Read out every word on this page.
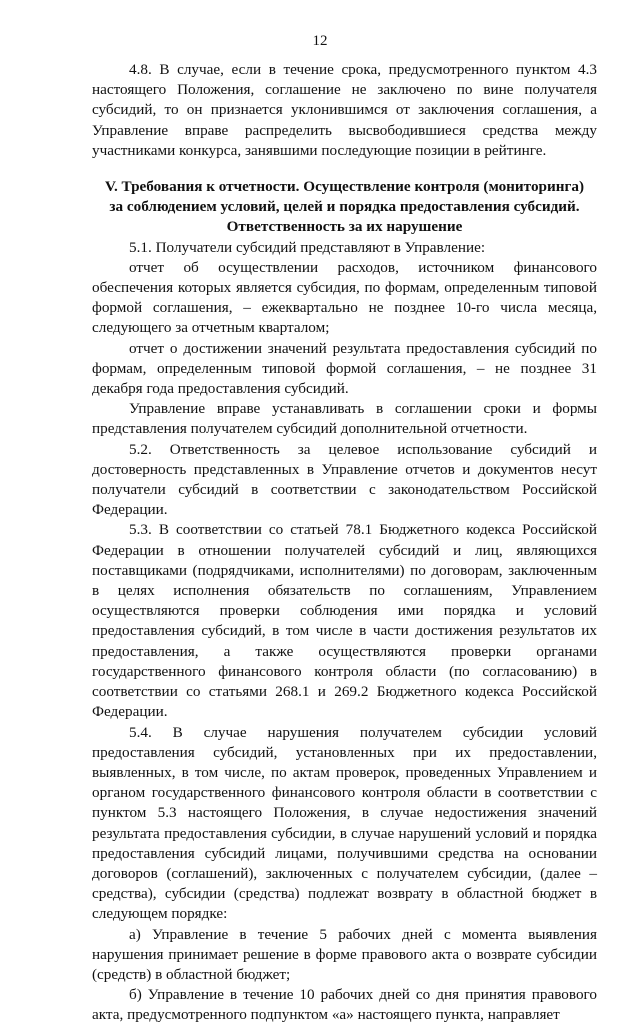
12

4.8. В случае, если в течение срока, предусмотренного пунктом 4.3 настоящего Положения, соглашение не заключено по вине получателя субсидий, то он признается уклонившимся от заключения соглашения, а Управление вправе распределить высвободившиеся средства между участниками конкурса, занявшими последующие позиции в рейтинге.

V. Требования к отчетности. Осуществление контроля (мониторинга)

за соблюдением условий, целей и порядка предоставления субсидий.

Ответственность за их нарушение

5.1. Получатели субсидий представляют в Управление:

отчет об осуществлении расходов, источником финансового обеспечения которых является субсидия, по формам, определенным типовой формой соглашения, – ежеквартально не позднее 10-го числа месяца, следующего за отчетным кварталом;

отчет о достижении значений результата предоставления субсидий по формам, определенным типовой формой соглашения, – не позднее 31 декабря года предоставления субсидий.

Управление вправе устанавливать в соглашении сроки и формы представления получателем субсидий дополнительной отчетности.

5.2. Ответственность за целевое использование субсидий и достоверность представленных в Управление отчетов и документов несут получатели субсидий в соответствии с законодательством Российской Федерации.

5.3. В соответствии со статьей 78.1 Бюджетного кодекса Российской Федерации в отношении получателей субсидий и лиц, являющихся поставщиками (подрядчиками, исполнителями) по договорам, заключенным в целях исполнения обязательств по соглашениям, Управлением осуществляются проверки соблюдения ими порядка и условий предоставления субсидий, в том числе в части достижения результатов их предоставления, а также осуществляются проверки органами государственного финансового контроля области (по согласованию) в соответствии со статьями 268.1 и 269.2 Бюджетного кодекса Российской Федерации.

5.4. В случае нарушения получателем субсидии условий предоставления субсидий, установленных при их предоставлении, выявленных, в том числе, по актам проверок, проведенных Управлением и органом государственного финансового контроля области в соответствии с пунктом 5.3 настоящего Положения, в случае недостижения значений результата предоставления субсидии, в случае нарушений условий и порядка предоставления субсидий лицами, получившими средства на основании договоров (соглашений), заключенных с получателем субсидии, (далее – средства), субсидии (средства) подлежат возврату в областной бюджет в следующем порядке:

а) Управление в течение 5 рабочих дней с момента выявления нарушения принимает решение в форме правового акта о возврате субсидии (средств) в областной бюджет;

б) Управление в течение 10 рабочих дней со дня принятия правового акта, предусмотренного подпунктом «а» настоящего пункта, направляет
